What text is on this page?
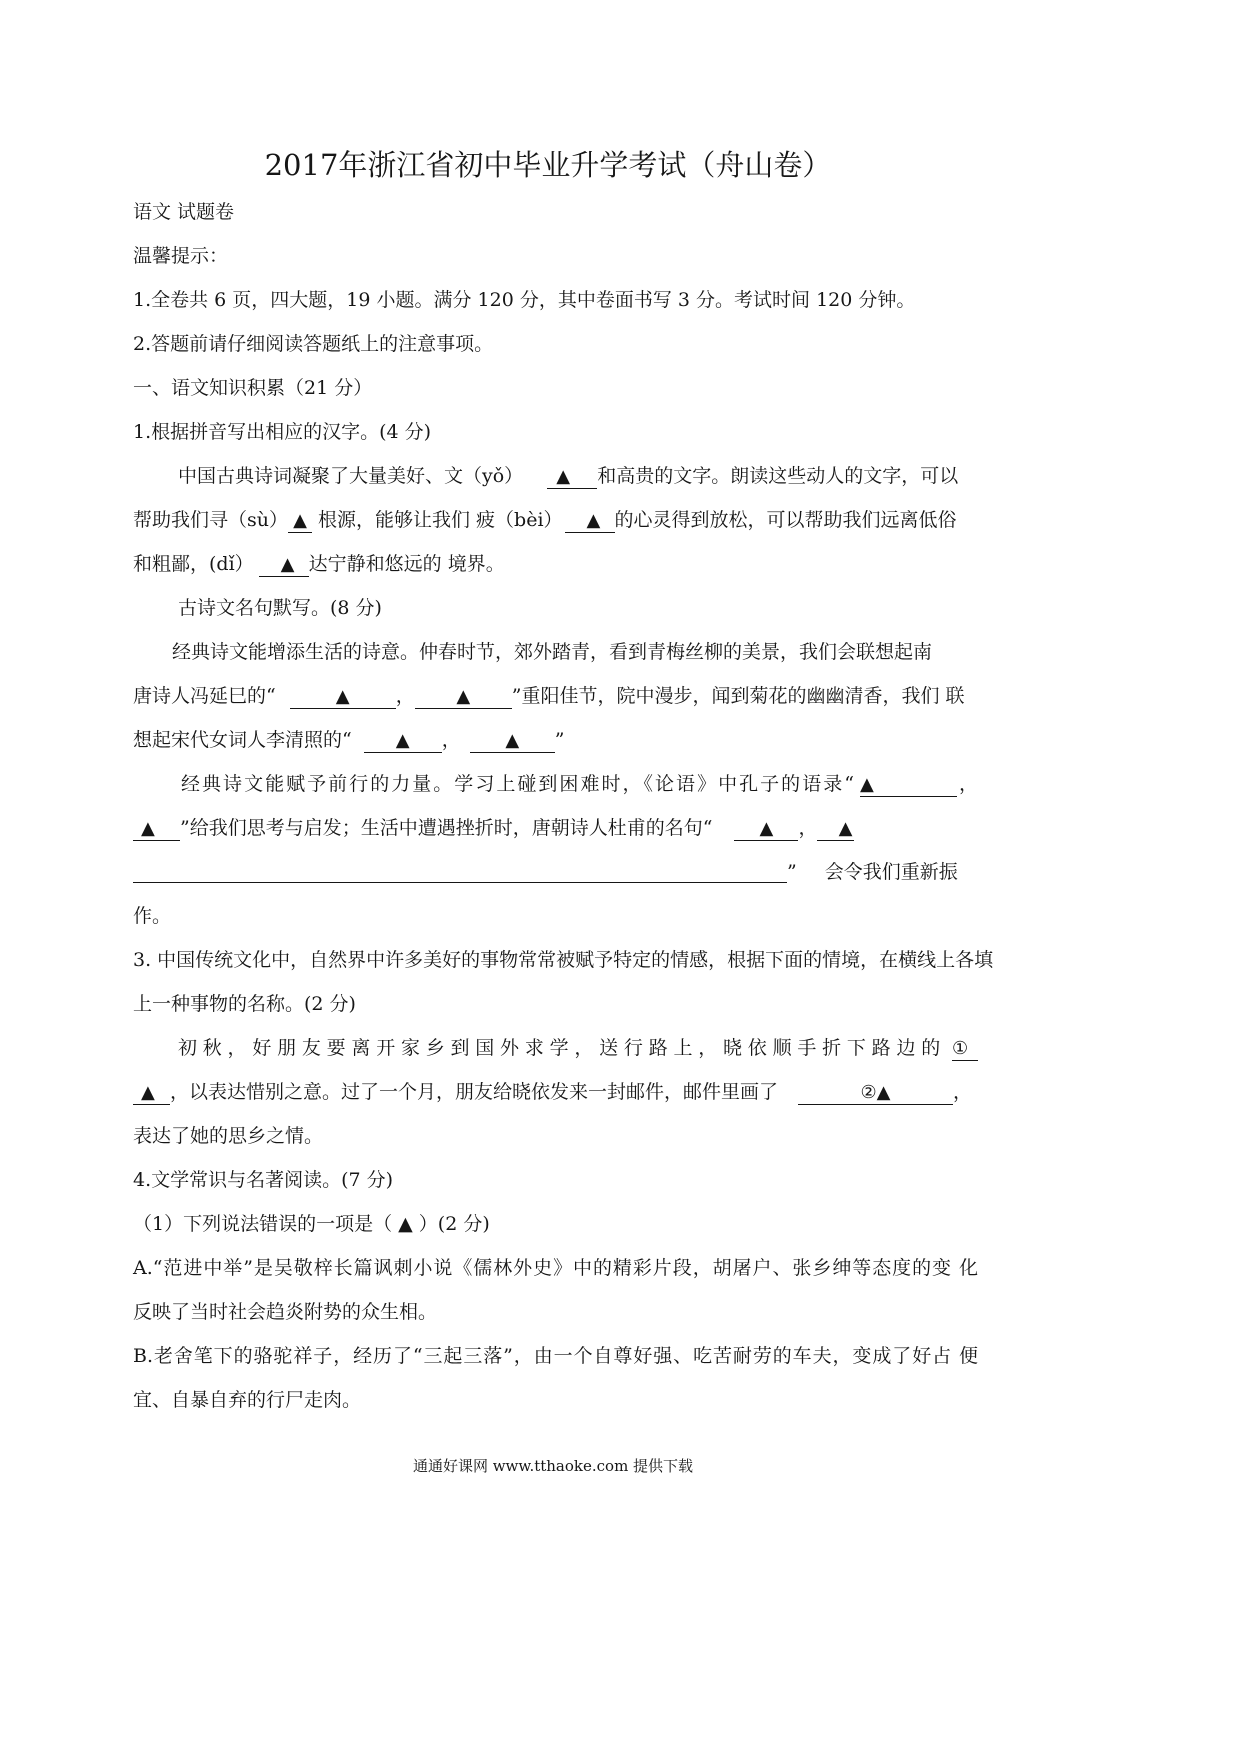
2017年浙江省初中毕业升学考试（舟山卷）
语文 试题卷
温馨提示：
1.全卷共 6 页，四大题，19 小题。满分 120 分，其中卷面书写 3 分。考试时间 120 分钟。
2.答题前请仔细阅读答题纸上的注意事项。
一、语文知识积累（21 分）
1.根据拼音写出相应的汉字。(4 分)
中国古典诗词凝聚了大量美好、文（yǒ） ▲ 和高贵的文字。朗读这些动人的文字，可以
帮助我们寻（sù） ▲ 根源，能够让我们 疲（bèi） ▲ 的心灵得到放松，可以帮助我们远离低俗
和粗鄙，(dǐ） ▲ 达宁静和悠远的 境界。
古诗文名句默写。(8 分)
经典诗文能增添生活的诗意。仲春时节，郊外踏青，看到青梅丝柳的美景，我们会联想起南
唐诗人冯延巳的“	▲ ， ▲ ”重阳佳节，院中漫步，闻到菊花的幽幽清香，我们 联
想起宋代女词人李清照的“ ▲ ， ▲ ”
经典诗文能赋予前行的力量。学习上碰到困难时，《论语》中孔子的语录“ ▲	，
▲ ”给我们思考与启发；生活中遭遇挫折时，唐朝诗人杜甫的名句“	▲ ， ▲
” 会令我们重新振
作。
3. 中国传统文化中，自然界中许多美好的事物常常被赋予特定的情感，根据下面的情境，在横线上各填
上一种事物的名称。(2 分)
初秋，好朋友要离开家乡到国外求学，送行路上，晓依顺手折下路边的 ①
▲ ，以表达惜别之意。过了一个月，朋友给晓依发来一封邮件，邮件里画了	②▲	，
表达了她的思乡之情。
4.文学常识与名著阅读。(7 分)
（1）下列说法错误的一项是（ ▲ ）(2 分)
A.“范进中举”是吴敬梓长篇讽刺小说《儒林外史》中的精彩片段，胡屠户、张乡绅等态度的变 化
反映了当时社会趋炎附势的众生相。
B.老舍笔下的骆驼祥子，经历了“三起三落”，由一个自尊好强、吃苦耐劳的车夫，变成了好占 便
宜、自暴自弃的行尸走肉。
通通好课网 www.tthaoke.com 提供下载
